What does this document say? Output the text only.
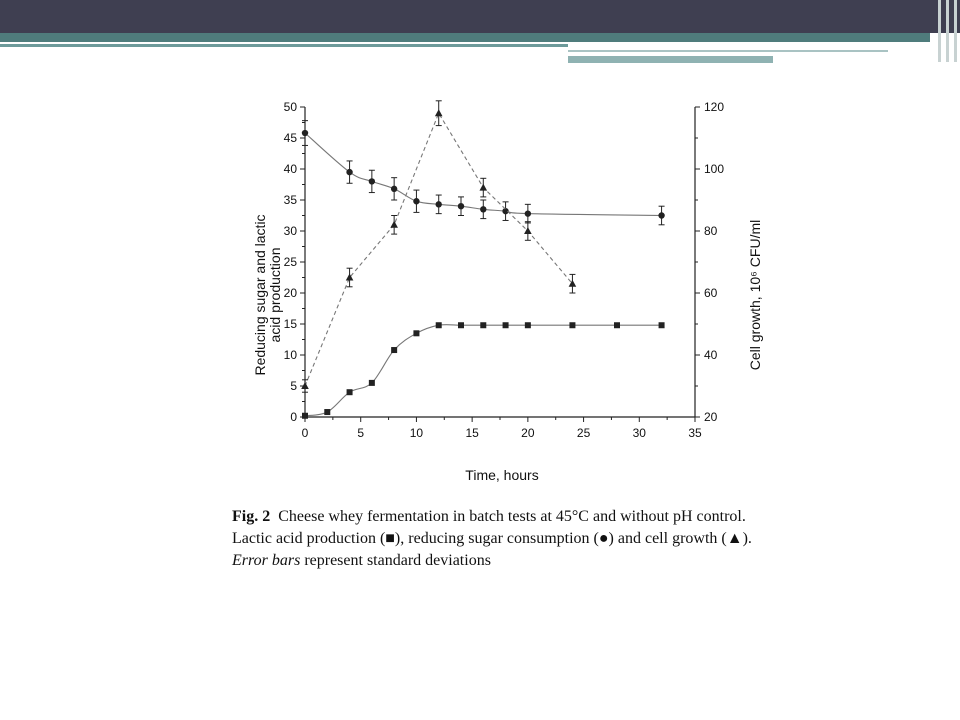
0	5	10	15	20	25	30	35
0
5
10
15
20
25
30
35
40
45
50
20
40
60
80
100
120
Time, hours
Reducing sugar and lacticacid production	Cell growth, 10⁶ CFU/ml
Fig. 2 Cheese whey fermentation in batch tests at 45°C and without pH control. Lactic acid production (■), reducing sugar consumption (●) and cell growth (▲). Error bars represent standard deviations
